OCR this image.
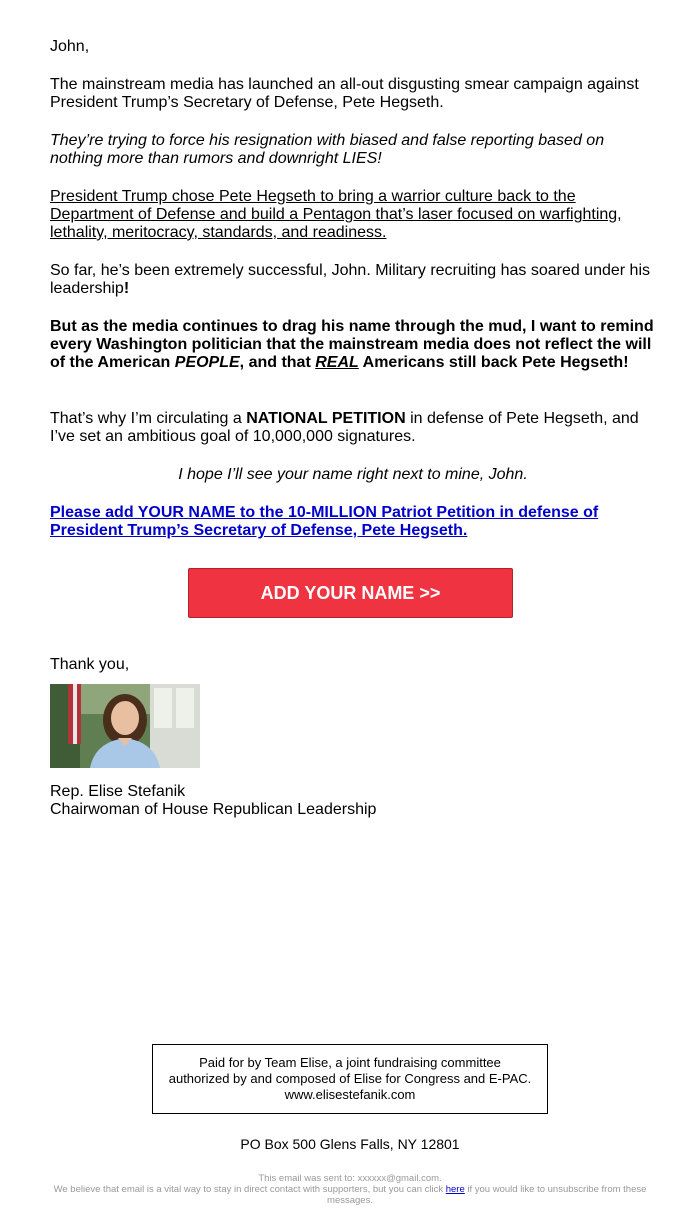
John,
The mainstream media has launched an all-out disgusting smear campaign against President Trump’s Secretary of Defense, Pete Hegseth.
They’re trying to force his resignation with biased and false reporting based on nothing more than rumors and downright LIES!
President Trump chose Pete Hegseth to bring a warrior culture back to the Department of Defense and build a Pentagon that’s laser focused on warfighting, lethality, meritocracy, standards, and readiness.
So far, he’s been extremely successful, John. Military recruiting has soared under his leadership!
But as the media continues to drag his name through the mud, I want to remind every Washington politician that the mainstream media does not reflect the will of the American PEOPLE, and that REAL Americans still back Pete Hegseth!
That’s why I’m circulating a NATIONAL PETITION in defense of Pete Hegseth, and I’ve set an ambitious goal of 10,000,000 signatures.
I hope I’ll see your name right next to mine, John.
Please add YOUR NAME to the 10-MILLION Patriot Petition in defense of President Trump’s Secretary of Defense, Pete Hegseth.
ADD YOUR NAME >>
Thank you,
Rep. Elise Stefanik
Chairwoman of House Republican Leadership
Paid for by Team Elise, a joint fundraising committee authorized by and composed of Elise for Congress and E-PAC. www.elisestefanik.com
PO Box 500 Glens Falls, NY 12801
This email was sent to: xxxxxx@gmail.com.
We believe that email is a vital way to stay in direct contact with supporters, but you can click here if you would like to unsubscribe from these messages.
